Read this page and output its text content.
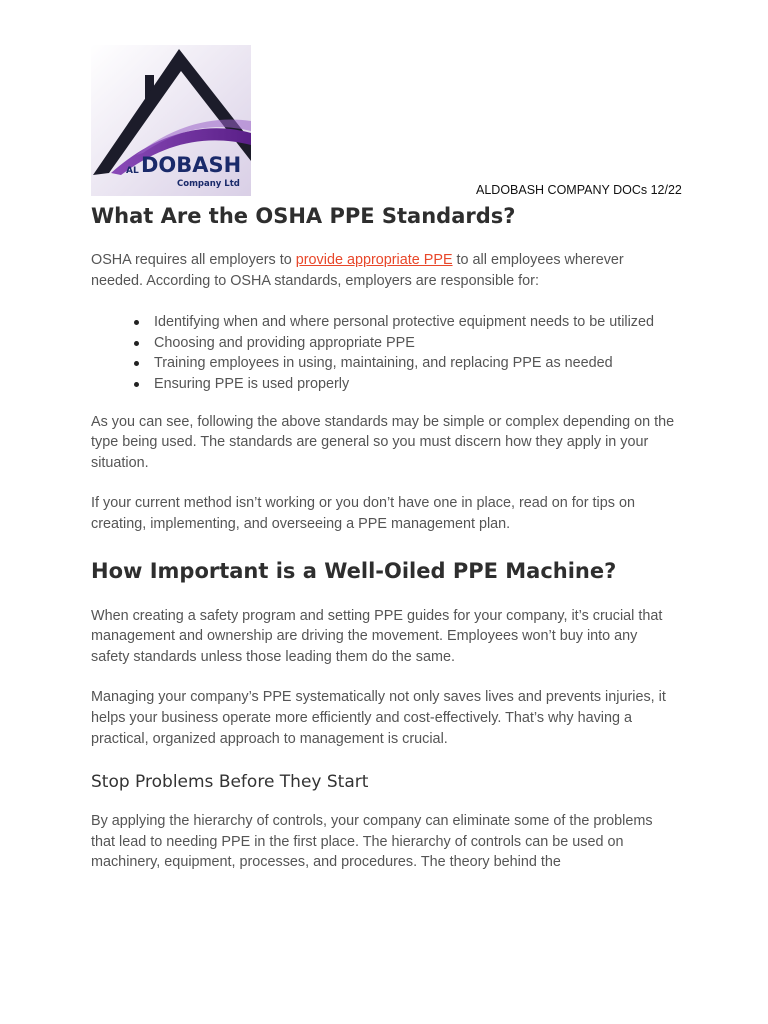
AL DOBASH
Company Ltd	ALDOBASH COMPANY DOCs 12/22
What Are the OSHA PPE Standards?

OSHA requires all employers to provide appropriate PPE to all employees wherever needed. According to OSHA standards, employers are responsible for:

Identifying when and where personal protective equipment needs to be utilized
Choosing and providing appropriate PPE
Training employees in using, maintaining, and replacing PPE as needed
Ensuring PPE is used properly

As you can see, following the above standards may be simple or complex depending on the type being used. The standards are general so you must discern how they apply in your situation.

If your current method isn’t working or you don’t have one in place, read on for tips on creating, implementing, and overseeing a PPE management plan.

How Important is a Well-Oiled PPE Machine?

When creating a safety program and setting PPE guides for your company, it’s crucial that management and ownership are driving the movement. Employees won’t buy into any safety standards unless those leading them do the same.

Managing your company’s PPE systematically not only saves lives and prevents injuries, it helps your business operate more efficiently and cost-effectively. That’s why having a practical, organized approach to management is crucial.

Stop Problems Before They Start

By applying the hierarchy of controls, your company can eliminate some of the problems that lead to needing PPE in the first place. The hierarchy of controls can be used on machinery, equipment, processes, and procedures. The theory behind the
